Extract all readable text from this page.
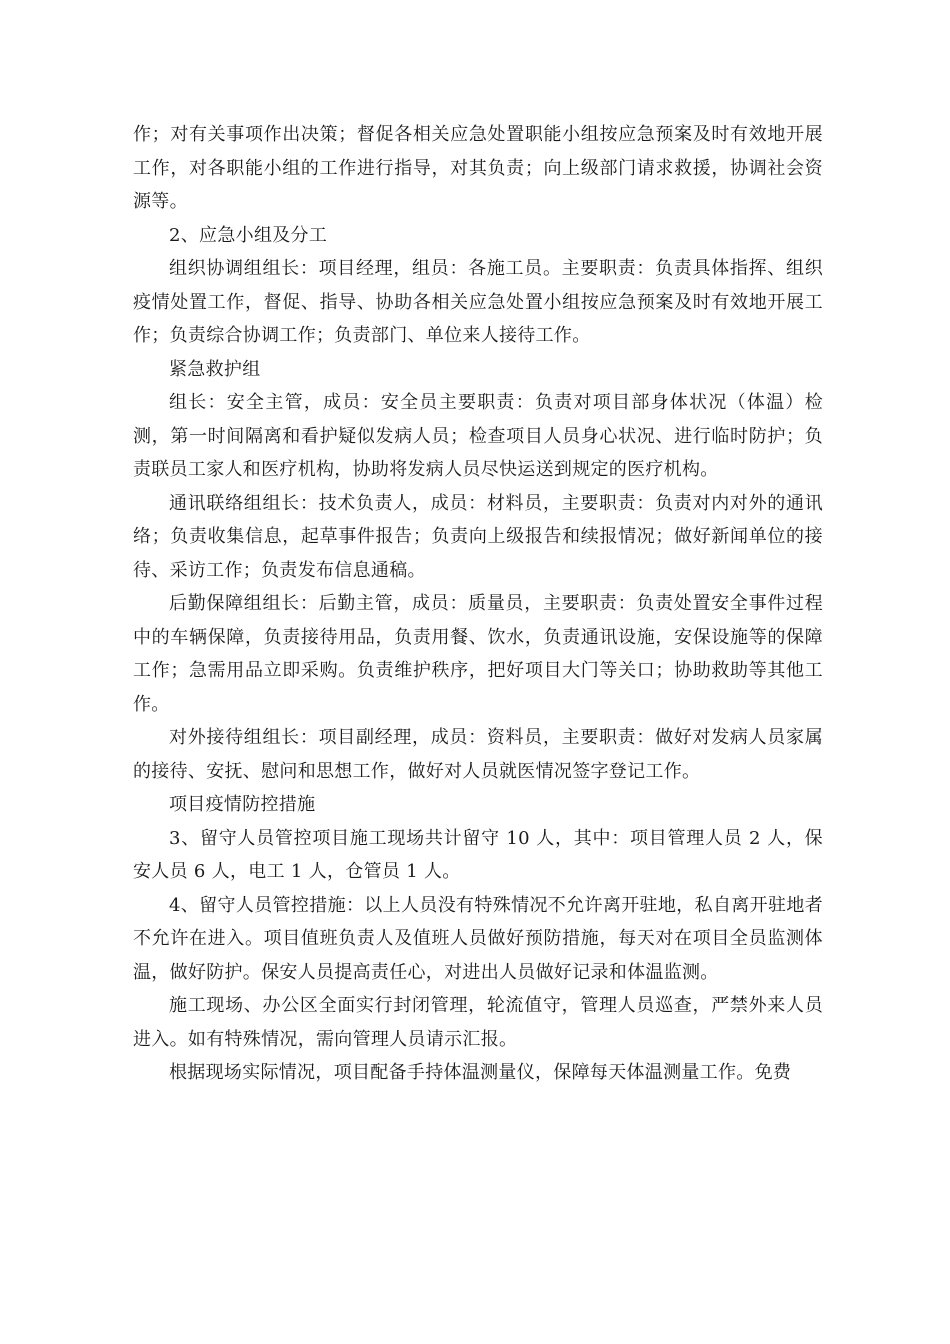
作；对有关事项作出决策；督促各相关应急处置职能小组按应急预案及时有效地开展工作，对各职能小组的工作进行指导，对其负责；向上级部门请求救援，协调社会资源等。

2、应急小组及分工

组织协调组组长：项目经理，组员：各施工员。主要职责：负责具体指挥、组织疫情处置工作，督促、指导、协助各相关应急处置小组按应急预案及时有效地开展工作；负责综合协调工作；负责部门、单位来人接待工作。

紧急救护组

组长：安全主管，成员：安全员主要职责：负责对项目部身体状况（体温）检测，第一时间隔离和看护疑似发病人员；检查项目人员身心状况、进行临时防护；负责联员工家人和医疗机构，协助将发病人员尽快运送到规定的医疗机构。

通讯联络组组长：技术负责人，成员：材料员，主要职责：负责对内对外的通讯络；负责收集信息，起草事件报告；负责向上级报告和续报情况；做好新闻单位的接待、采访工作；负责发布信息通稿。

后勤保障组组长：后勤主管，成员：质量员，主要职责：负责处置安全事件过程中的车辆保障，负责接待用品，负责用餐、饮水，负责通讯设施，安保设施等的保障工作；急需用品立即采购。负责维护秩序，把好项目大门等关口；协助救助等其他工作。

对外接待组组长：项目副经理，成员：资料员，主要职责：做好对发病人员家属的接待、安抚、慰问和思想工作，做好对人员就医情况签字登记工作。

项目疫情防控措施

3、留守人员管控项目施工现场共计留守 10 人，其中：项目管理人员 2 人，保安人员 6 人，电工 1 人，仓管员 1 人。

4、留守人员管控措施：以上人员没有特殊情况不允许离开驻地，私自离开驻地者不允许在进入。项目值班负责人及值班人员做好预防措施，每天对在项目全员监测体温，做好防护。保安人员提高责任心，对进出人员做好记录和体温监测。

施工现场、办公区全面实行封闭管理，轮流值守，管理人员巡查，严禁外来人员进入。如有特殊情况，需向管理人员请示汇报。

根据现场实际情况，项目配备手持体温测量仪，保障每天体温测量工作。免费
